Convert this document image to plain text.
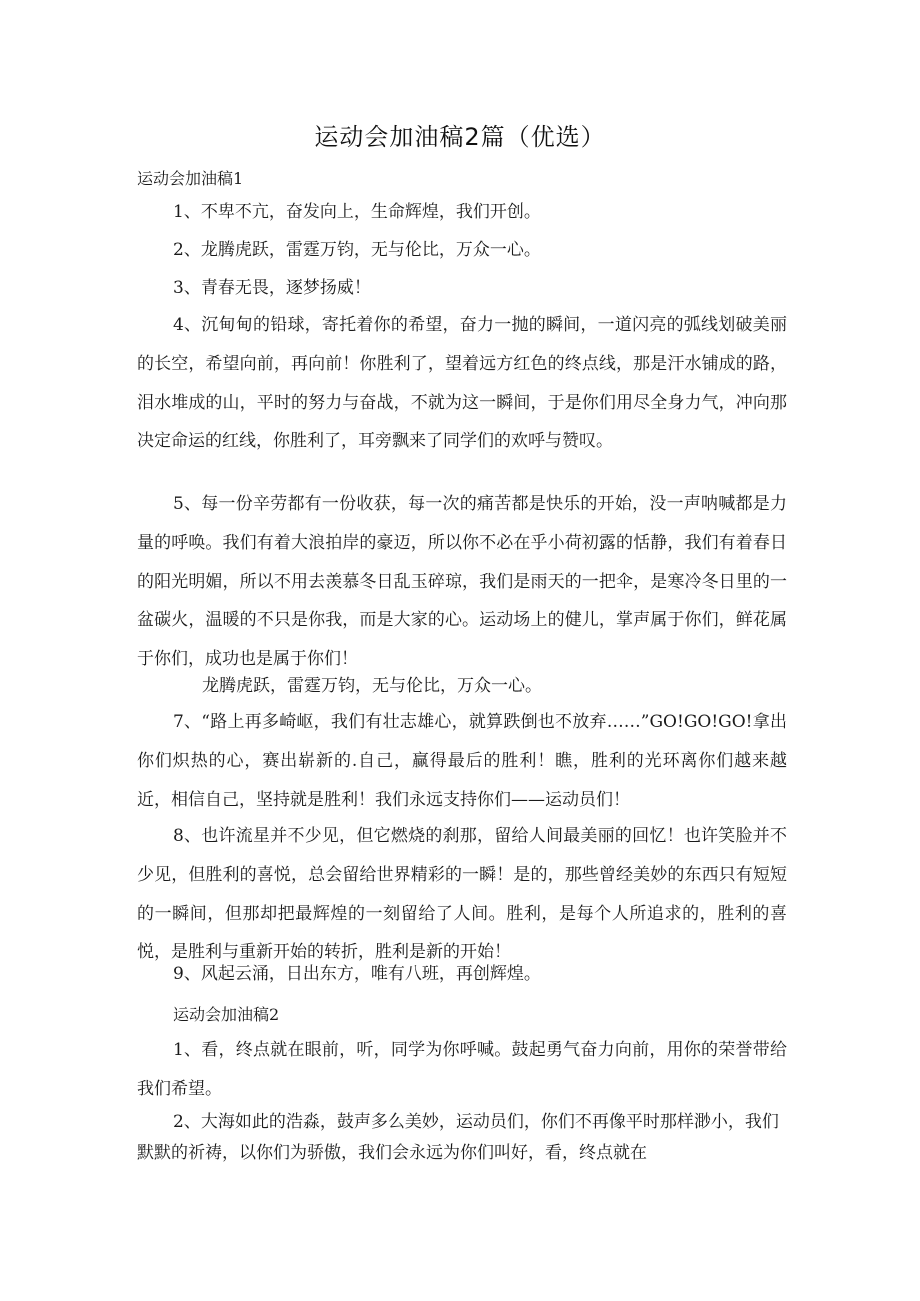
运动会加油稿2篇（优选）
运动会加油稿1

1、不卑不亢，奋发向上，生命辉煌，我们开创。

2、龙腾虎跃，雷霆万钧，无与伦比，万众一心。

3、青春无畏，逐梦扬威！

4、沉甸甸的铅球，寄托着你的希望，奋力一抛的瞬间，一道闪亮的弧线划破美丽的长空，希望向前，再向前！你胜利了，望着远方红色的终点线，那是汗水铺成的路，泪水堆成的山，平时的努力与奋战，不就为这一瞬间，于是你们用尽全身力气，冲向那决定命运的红线，你胜利了，耳旁飘来了同学们的欢呼与赞叹。

5、每一份辛劳都有一份收获，每一次的痛苦都是快乐的开始，没一声呐喊都是力量的呼唤。我们有着大浪拍岸的豪迈，所以你不必在乎小荷初露的恬静，我们有着春日的阳光明媚，所以不用去羡慕冬日乱玉碎琼，我们是雨天的一把伞，是寒冷冬日里的一盆碳火，温暖的不只是你我，而是大家的心。运动场上的健儿，掌声属于你们，鲜花属于你们，成功也是属于你们！

龙腾虎跃，雷霆万钧，无与伦比，万众一心。

7、“路上再多崎岖，我们有壮志雄心，就算跌倒也不放弃……”GO!GO!GO!拿出你们炽热的心，赛出崭新的.自己，赢得最后的胜利！瞧，胜利的光环离你们越来越近，相信自己，坚持就是胜利！我们永远支持你们——运动员们！

8、也许流星并不少见，但它燃烧的刹那，留给人间最美丽的回忆！也许笑脸并不少见，但胜利的喜悦，总会留给世界精彩的一瞬！是的，那些曾经美妙的东西只有短短的一瞬间，但那却把最辉煌的一刻留给了人间。胜利，是每个人所追求的，胜利的喜悦，是胜利与重新开始的转折，胜利是新的开始！

9、风起云涌，日出东方，唯有八班，再创辉煌。

运动会加油稿2

1、看，终点就在眼前，听，同学为你呼喊。鼓起勇气奋力向前，用你的荣誉带给我们希望。

2、大海如此的浩淼，鼓声多么美妙，运动员们，你们不再像平时那样渺小，我们默默的祈祷，以你们为骄傲，我们会永远为你们叫好，看，终点就在
